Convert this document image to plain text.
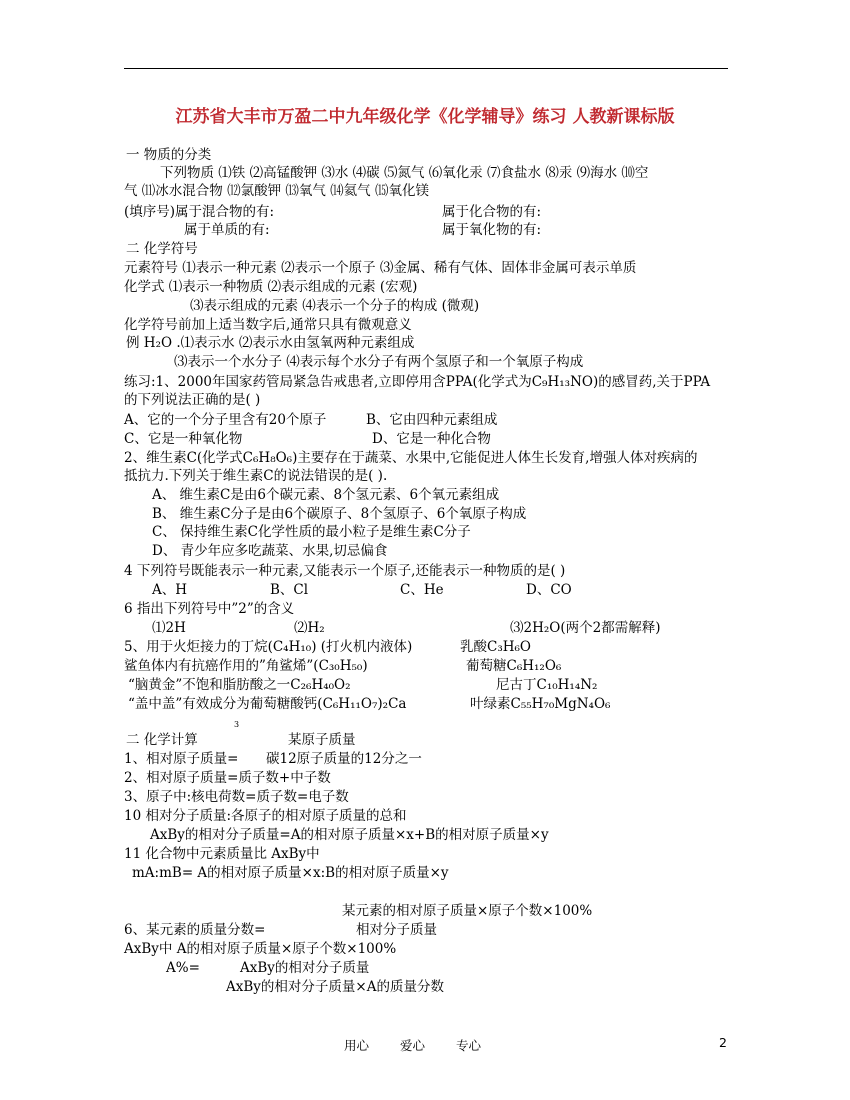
江苏省大丰市万盈二中九年级化学《化学辅导》练习 人教新课标版
一 物质的分类
下列物质 ⑴铁 ⑵高锰酸钾 ⑶水 ⑷碳 ⑸氮气 ⑹氧化汞 ⑺食盐水 ⑻汞 ⑼海水 ⑽空
气 ⑾冰水混合物 ⑿氯酸钾 ⒀氧气 ⒁氦气 ⒂氧化镁
(填序号)属于混合物的有:	属于化合物的有:
属于单质的有:	属于氧化物的有:
二 化学符号
元素符号 ⑴表示一种元素 ⑵表示一个原子 ⑶金属、稀有气体、固体非金属可表示单质
化学式 ⑴表示一种物质 ⑵表示组成的元素 (宏观)
⑶表示组成的元素 ⑷表示一个分子的构成 (微观)
化学符号前加上适当数字后,通常只具有微观意义
例 H₂O .⑴表示水 ⑵表示水由氢氧两种元素组成
⑶表示一个水分子 ⑷表示每个水分子有两个氢原子和一个氧原子构成
练习:1、2000年国家药管局紧急告戒患者,立即停用含PPA(化学式为C₉H₁₃NO)的感冒药,关于PPA
的下列说法正确的是( )
A、它的一个分子里含有20个原子	B、它由四种元素组成
C、它是一种氧化物	D、它是一种化合物
2、维生素C(化学式C₆H₈O₆)主要存在于蔬菜、水果中,它能促进人体生长发育,增强人体对疾病的
抵抗力.下列关于维生素C的说法错误的是( ).
A、 维生素C是由6个碳元素、8个氢元素、6个氧元素组成
B、 维生素C分子是由6个碳原子、8个氢原子、6个氧原子构成
C、 保持维生素C化学性质的最小粒子是维生素C分子
D、 青少年应多吃蔬菜、水果,切忌偏食
4 下列符号既能表示一种元素,又能表示一个原子,还能表示一种物质的是( )
A、H	B、Cl	C、He	D、CO
6 指出下列符号中”2”的含义
⑴2H	⑵H₂	⑶2H₂O(两个2都需解释)
5、用于火炬接力的丁烷(C₄H₁₀) (打火机内液体)	乳酸C₃H₆O
鲨鱼体内有抗癌作用的”角鲨烯”(C₃₀H₅₀)	葡萄糖C₆H₁₂O₆
“脑黄金”不饱和脂肪酸之一C₂₆H₄₀O₂	尼古丁C₁₀H₁₄N₂
“盖中盖”有效成分为葡萄糖酸钙(C₆H₁₁O₇)₂Ca	叶绿素C₅₅H₇₀MgN₄O₆
3
二 化学计算	某原子质量
1、相对原子质量= 碳12原子质量的12分之一
2、相对原子质量=质子数+中子数
3、原子中:核电荷数=质子数=电子数
10 相对分子质量:各原子的相对原子质量的总和
AxBy的相对分子质量=A的相对原子质量×x+B的相对原子质量×y
11 化合物中元素质量比 AxBy中
mA:mB= A的相对原子质量×x:B的相对原子质量×y
某元素的相对原子质量×原子个数×100%
6、某元素的质量分数=	相对分子质量
AxBy中 A的相对原子质量×原子个数×100%
A%=	AxBy的相对分子质量
AxBy的相对分子质量×A的质量分数
用心 爱心 专心	2
